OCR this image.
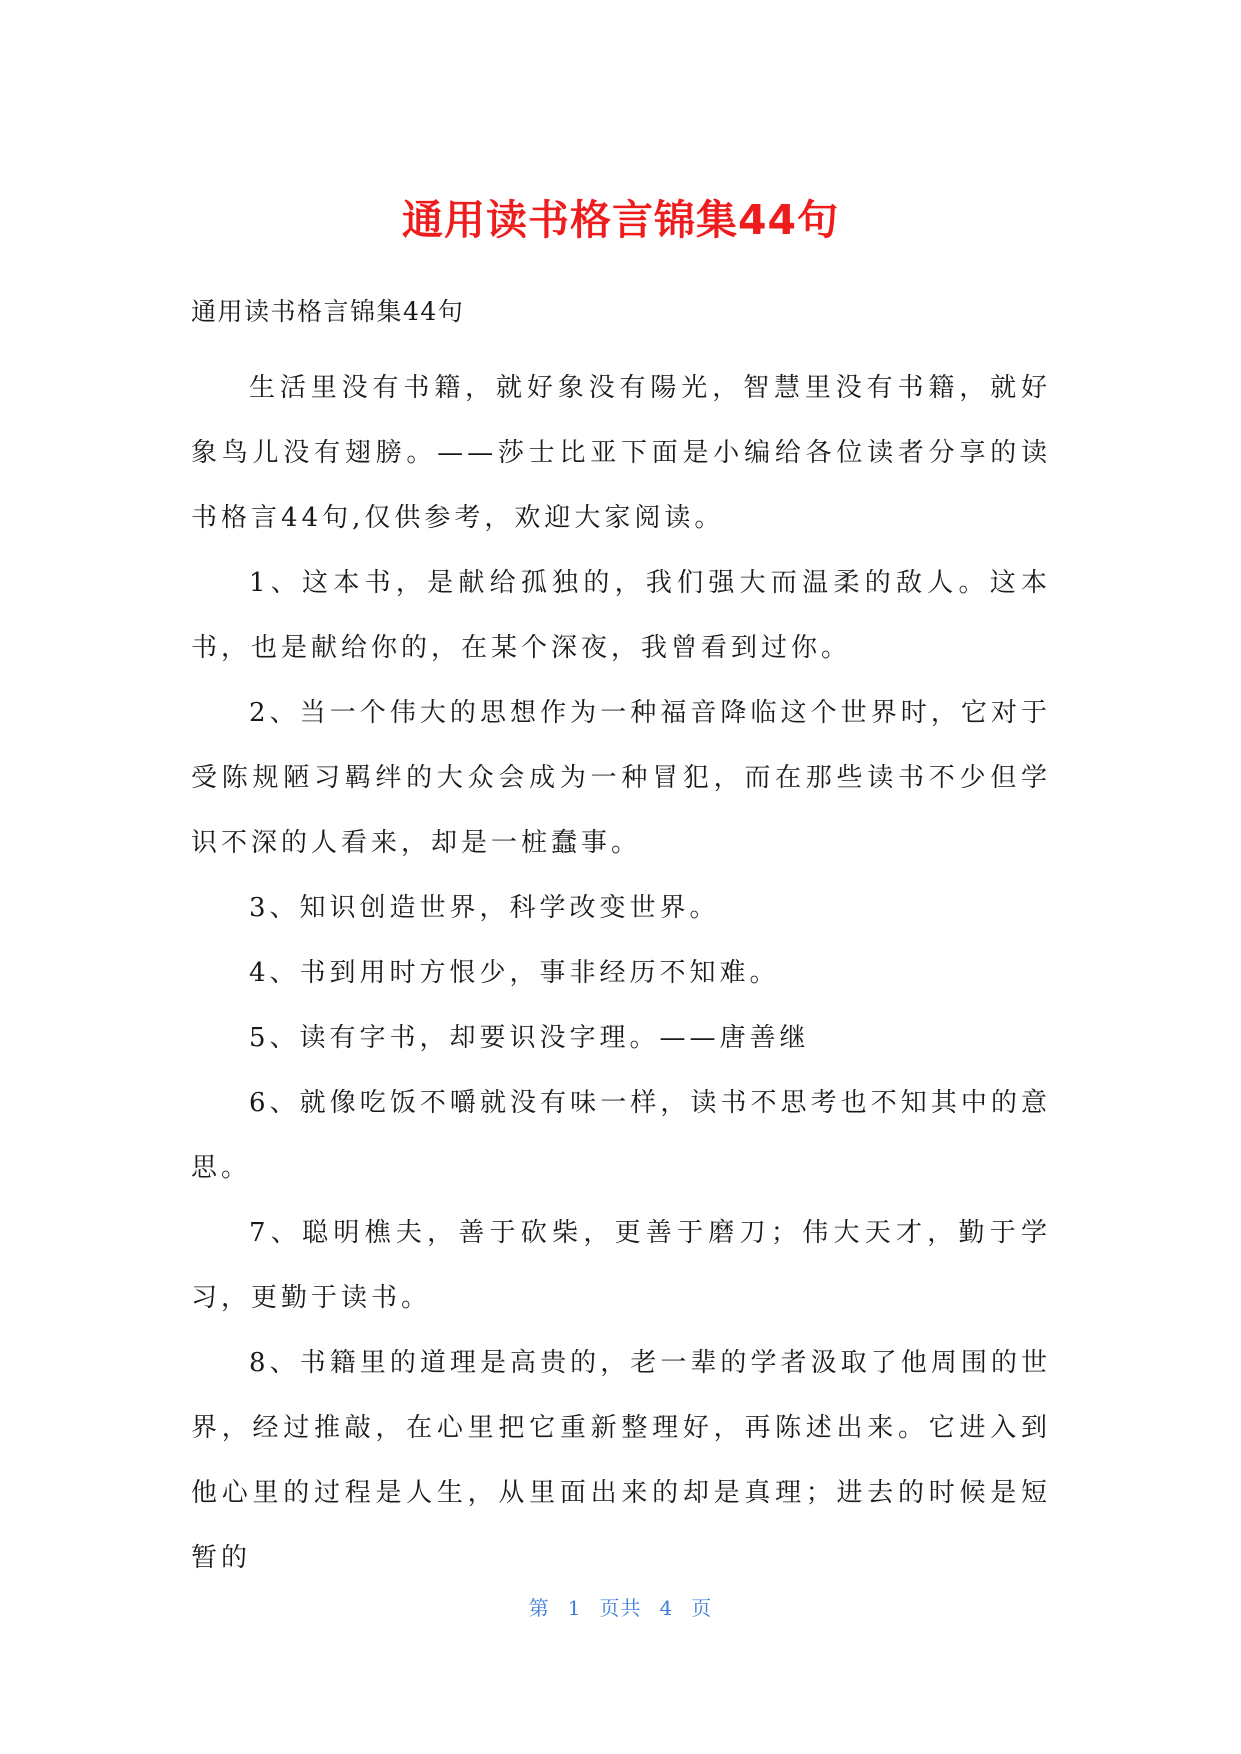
通用读书格言锦集44句
通用读书格言锦集44句

生活里没有书籍，就好象没有陽光，智慧里没有书籍，就好象鸟儿没有翅膀。——莎士比亚下面是小编给各位读者分享的读书格言44句,仅供参考，欢迎大家阅读。

1、这本书，是献给孤独的，我们强大而温柔的敌人。这本书，也是献给你的，在某个深夜，我曾看到过你。

2、当一个伟大的思想作为一种福音降临这个世界时，它对于受陈规陋习羁绊的大众会成为一种冒犯，而在那些读书不少但学识不深的人看来，却是一桩蠢事。

3、知识创造世界，科学改变世界。

4、书到用时方恨少，事非经历不知难。

5、读有字书，却要识没字理。——唐善继

6、就像吃饭不嚼就没有味一样，读书不思考也不知其中的意思。

7、聪明樵夫，善于砍柴，更善于磨刀；伟大天才，勤于学习，更勤于读书。

8、书籍里的道理是高贵的，老一辈的学者汲取了他周围的世界，经过推敲，在心里把它重新整理好，再陈述出来。它进入到他心里的过程是人生，从里面出来的却是真理；进去的时候是短暂的

第 1 页共 4 页
